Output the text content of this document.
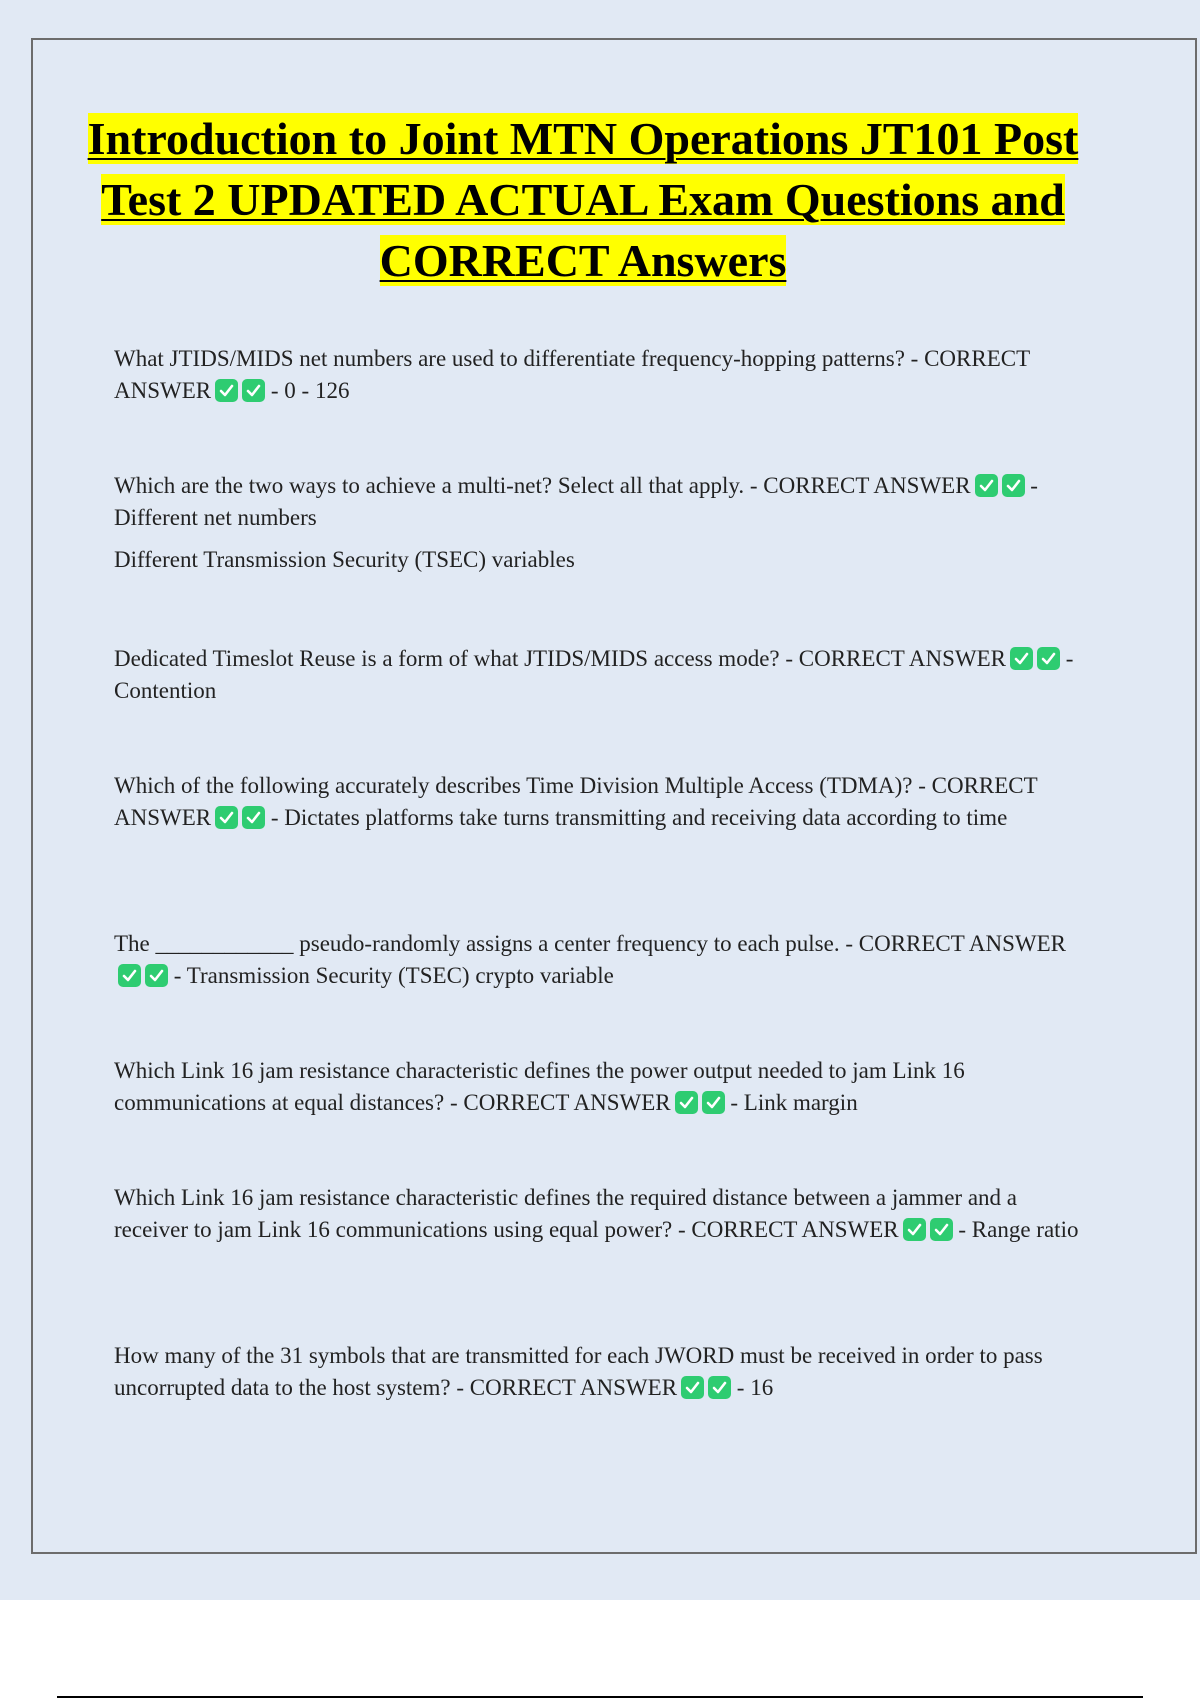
Introduction to Joint MTN Operations JT101 Post Test 2 UPDATED ACTUAL Exam Questions and CORRECT Answers

What JTIDS/MIDS net numbers are used to differentiate frequency-hopping patterns? - CORRECT ANSWER	- 0 - 126

Which are the two ways to achieve a multi-net? Select all that apply. - CORRECT ANSWER	- Different net numbers

Different Transmission Security (TSEC) variables

Dedicated Timeslot Reuse is a form of what JTIDS/MIDS access mode? - CORRECT ANSWER	- Contention

Which of the following accurately describes Time Division Multiple Access (TDMA)? - CORRECT ANSWER	- Dictates platforms take turns transmitting and receiving data according to time

The ____________ pseudo-randomly assigns a center frequency to each pulse. - CORRECT ANSWER
- Transmission Security (TSEC) crypto variable

Which Link 16 jam resistance characteristic defines the power output needed to jam Link 16 communications at equal distances? - CORRECT ANSWER	- Link margin

Which Link 16 jam resistance characteristic defines the required distance between a jammer and a receiver to jam Link 16 communications using equal power? - CORRECT ANSWER	- Range ratio

How many of the 31 symbols that are transmitted for each JWORD must be received in order to pass uncorrupted data to the host system? - CORRECT ANSWER	- 16
